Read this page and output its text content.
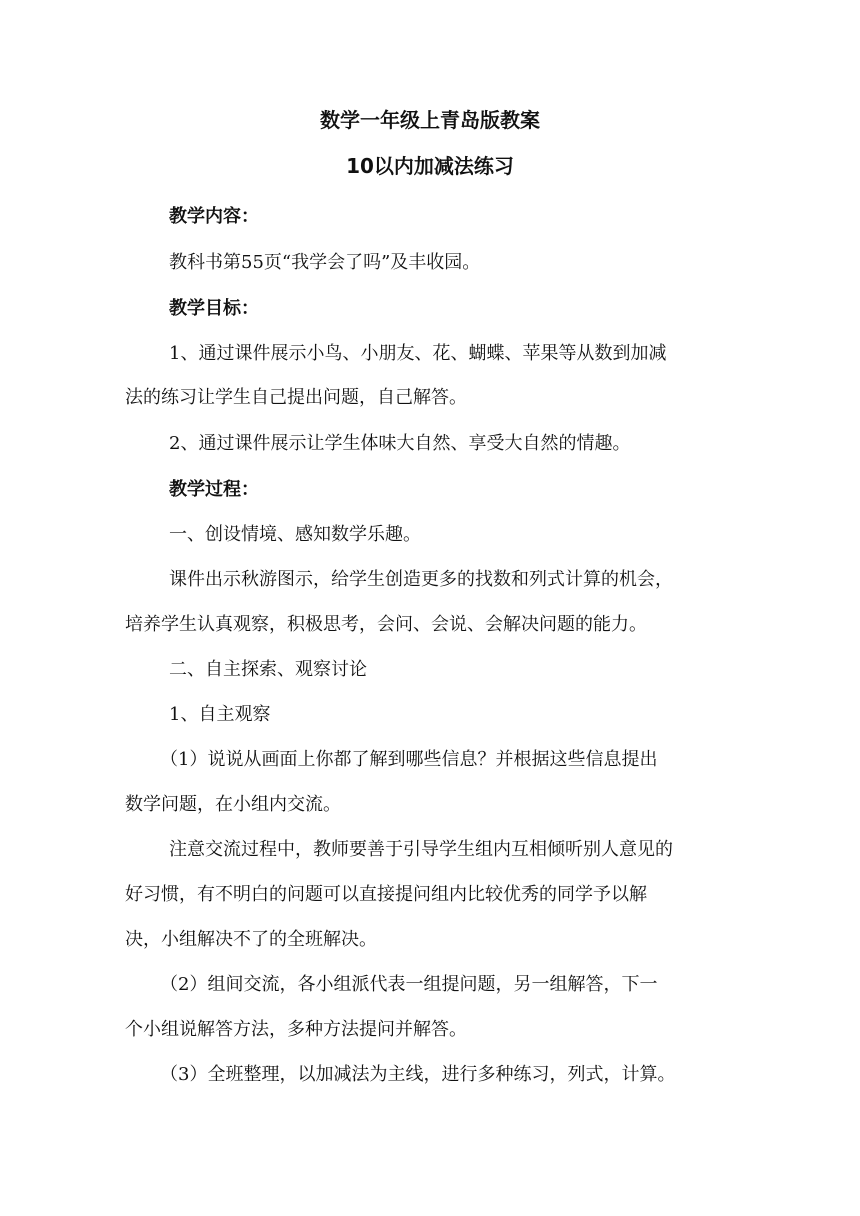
数学一年级上青岛版教案
10以内加减法练习
教学内容：
教科书第55页“我学会了吗”及丰收园。
教学目标：
1、通过课件展示小鸟、小朋友、花、蝴蝶、苹果等从数到加减
法的练习让学生自己提出问题，自己解答。
2、通过课件展示让学生体味大自然、享受大自然的情趣。
教学过程：
一、创设情境、感知数学乐趣。
课件出示秋游图示，给学生创造更多的找数和列式计算的机会，
培养学生认真观察，积极思考，会问、会说、会解决问题的能力。
二、自主探索、观察讨论
1、自主观察
（1）说说从画面上你都了解到哪些信息？并根据这些信息提出
数学问题，在小组内交流。
注意交流过程中，教师要善于引导学生组内互相倾听别人意见的
好习惯，有不明白的问题可以直接提问组内比较优秀的同学予以解
决，小组解决不了的全班解决。
（2）组间交流，各小组派代表一组提问题，另一组解答，下一
个小组说解答方法，多种方法提问并解答。
（3）全班整理，以加减法为主线，进行多种练习，列式，计算。
